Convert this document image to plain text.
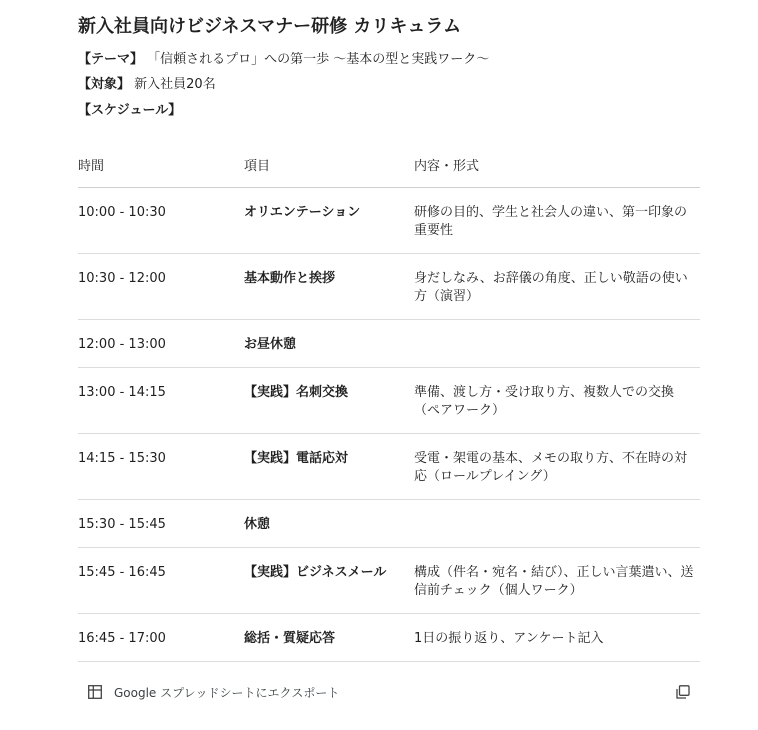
新入社員向けビジネスマナー研修 カリキュラム
【テーマ】 「信頼されるプロ」への第一歩 〜基本の型と実践ワーク〜
【対象】 新入社員20名
【スケジュール】
時間	項目	内容・形式
10:00 - 10:30	オリエンテーション	研修の目的、学生と社会人の違い、第一印象の重要性
10:30 - 12:00	基本動作と挨拶	身だしなみ、お辞儀の角度、正しい敬語の使い方（演習）
12:00 - 13:00	お昼休憩
13:00 - 14:15	【実践】名刺交換	準備、渡し方・受け取り方、複数人での交換（ペアワーク）
14:15 - 15:30	【実践】電話応対	受電・架電の基本、メモの取り方、不在時の対応（ロールプレイング）
15:30 - 15:45	休憩
15:45 - 16:45	【実践】ビジネスメール	構成（件名・宛名・結び）、正しい言葉遣い、送信前チェック（個人ワーク）
16:45 - 17:00	総括・質疑応答	1日の振り返り、アンケート記入
Google スプレッドシートにエクスポート
